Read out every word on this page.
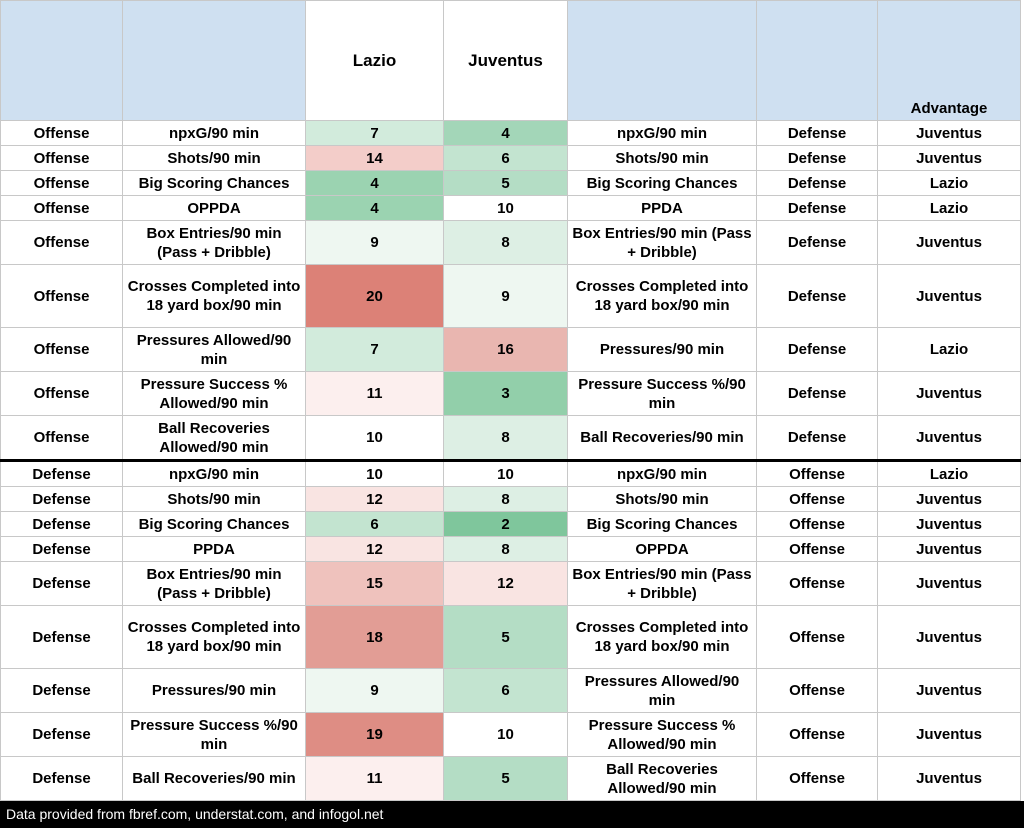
		Lazio	Juventus			Advantage
Offense	npxG/90 min	7	4	npxG/90 min	Defense	Juventus
Offense	Shots/90 min	14	6	Shots/90 min	Defense	Juventus
Offense	Big Scoring Chances	4	5	Big Scoring Chances	Defense	Lazio
Offense	OPPDA	4	10	PPDA	Defense	Lazio
Offense	Box Entries/90 min (Pass + Dribble)	9	8	Box Entries/90 min (Pass + Dribble)	Defense	Juventus
Offense	Crosses Completed into 18 yard box/90 min	20	9	Crosses Completed into 18 yard box/90 min	Defense	Juventus
Offense	Pressures Allowed/90 min	7	16	Pressures/90 min	Defense	Lazio
Offense	Pressure Success % Allowed/90 min	11	3	Pressure Success %/90 min	Defense	Juventus
Offense	Ball Recoveries Allowed/90 min	10	8	Ball Recoveries/90 min	Defense	Juventus
Defense	npxG/90 min	10	10	npxG/90 min	Offense	Lazio
Defense	Shots/90 min	12	8	Shots/90 min	Offense	Juventus
Defense	Big Scoring Chances	6	2	Big Scoring Chances	Offense	Juventus
Defense	PPDA	12	8	OPPDA	Offense	Juventus
Defense	Box Entries/90 min (Pass + Dribble)	15	12	Box Entries/90 min (Pass + Dribble)	Offense	Juventus
Defense	Crosses Completed into 18 yard box/90 min	18	5	Crosses Completed into 18 yard box/90 min	Offense	Juventus
Defense	Pressures/90 min	9	6	Pressures Allowed/90 min	Offense	Juventus
Defense	Pressure Success %/90 min	19	10	Pressure Success % Allowed/90 min	Offense	Juventus
Defense	Ball Recoveries/90 min	11	5	Ball Recoveries Allowed/90 min	Offense	Juventus
Data provided from fbref.com, understat.com, and infogol.net
